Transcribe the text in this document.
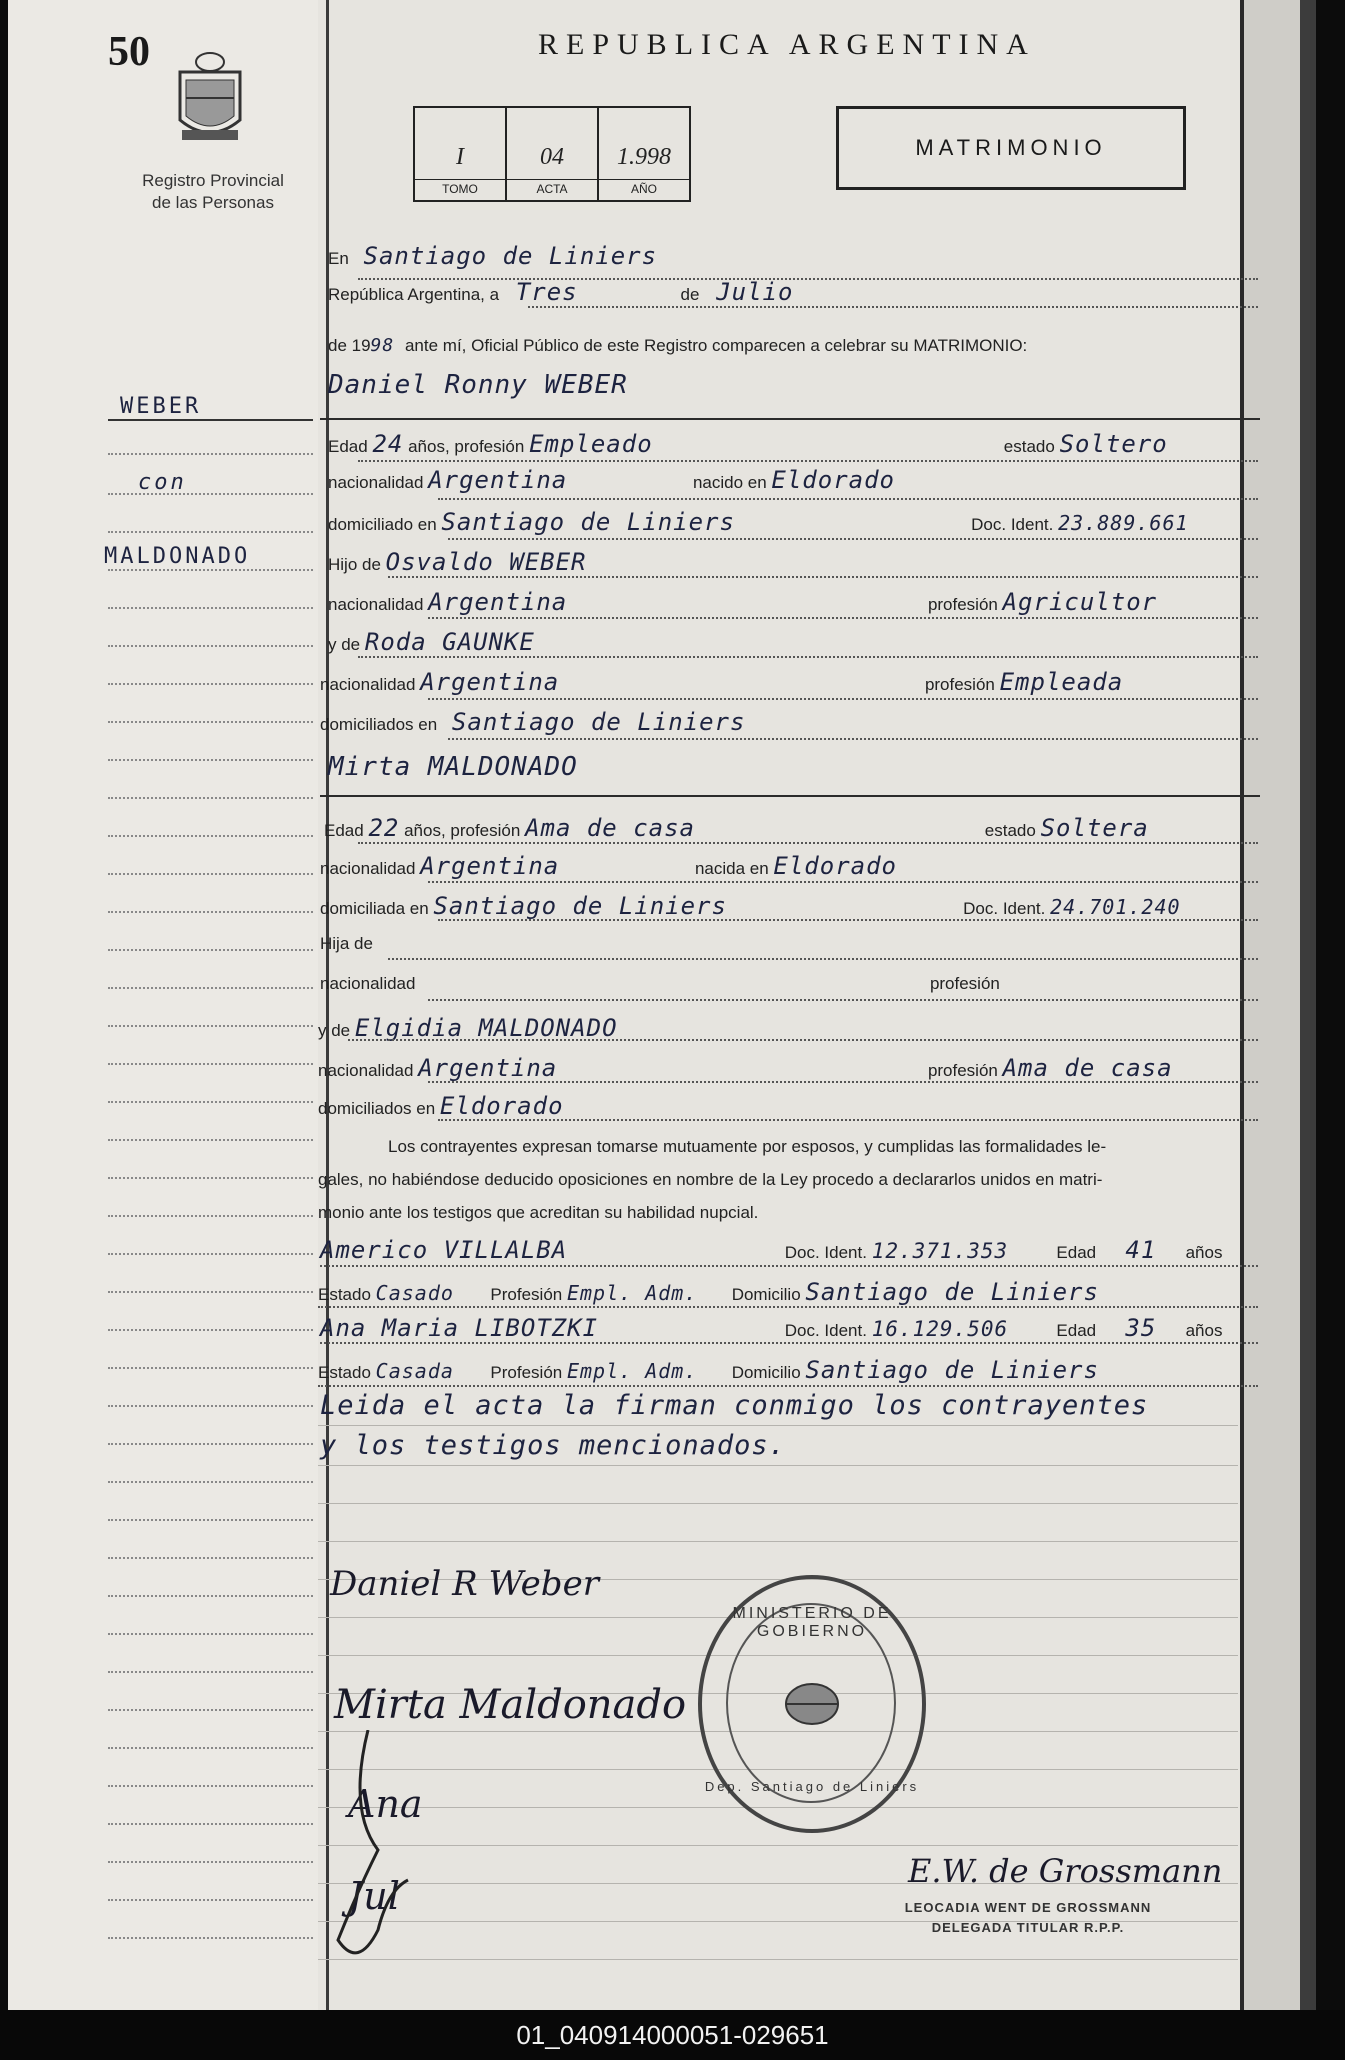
50
Registro Provincial
de las Personas
REPUBLICA ARGENTINA
I
TOMO
04
ACTA
1.998
AÑO
MATRIMONIO
WEBER
con
MALDONADO
En Santiago de Liniers
República Argentina, a Tres	de Julio
de 1998 ante mí, Oficial Público de este Registro comparecen a celebrar su MATRIMONIO:
Daniel Ronny WEBER
Edad 24 años, profesión Empleado	estado Soltero
nacionalidad Argentina	nacido en Eldorado
domiciliado en Santiago de Liniers	Doc. Ident. 23.889.661
Hijo de Osvaldo WEBER
nacionalidad Argentina	profesión Agricultor
y de Roda GAUNKE
nacionalidad Argentina	profesión Empleada
domiciliados en Santiago de Liniers
Mirta MALDONADO
Edad 22 años, profesión Ama de casa	estado Soltera
nacionalidad Argentina	nacida en Eldorado
domiciliada en Santiago de Liniers	Doc. Ident. 24.701.240
Hija de
nacionalidad	profesión
y de Elgidia MALDONADO
nacionalidad Argentina	profesión Ama de casa
domiciliados en Eldorado
Los contrayentes expresan tomarse mutuamente por esposos, y cumplidas las formalidades le-
gales, no habiéndose deducido oposiciones en nombre de la Ley procedo a declararlos unidos en matri-
monio ante los testigos que acreditan su habilidad nupcial.
Americo VILLALBA	Doc. Ident. 12.371.353	Edad 41 años
Estado Casado Profesión Empl. Adm. Domicilio Santiago de Liniers
Ana Maria LIBOTZKI	Doc. Ident. 16.129.506	Edad 35 años
Estado Casada Profesión Empl. Adm. Domicilio Santiago de Liniers
Leida el acta la firman conmigo los contrayentes
y los testigos mencionados.
Daniel R Weber
Mirta Maldonado
Ana
Jul
MINISTERIO DE GOBIERNO
Dep. Santiago de Liniers
E.W. de Grossmann
LEOCADIA WENT DE GROSSMANN
DELEGADA TITULAR R.P.P.
01_040914000051-029651
